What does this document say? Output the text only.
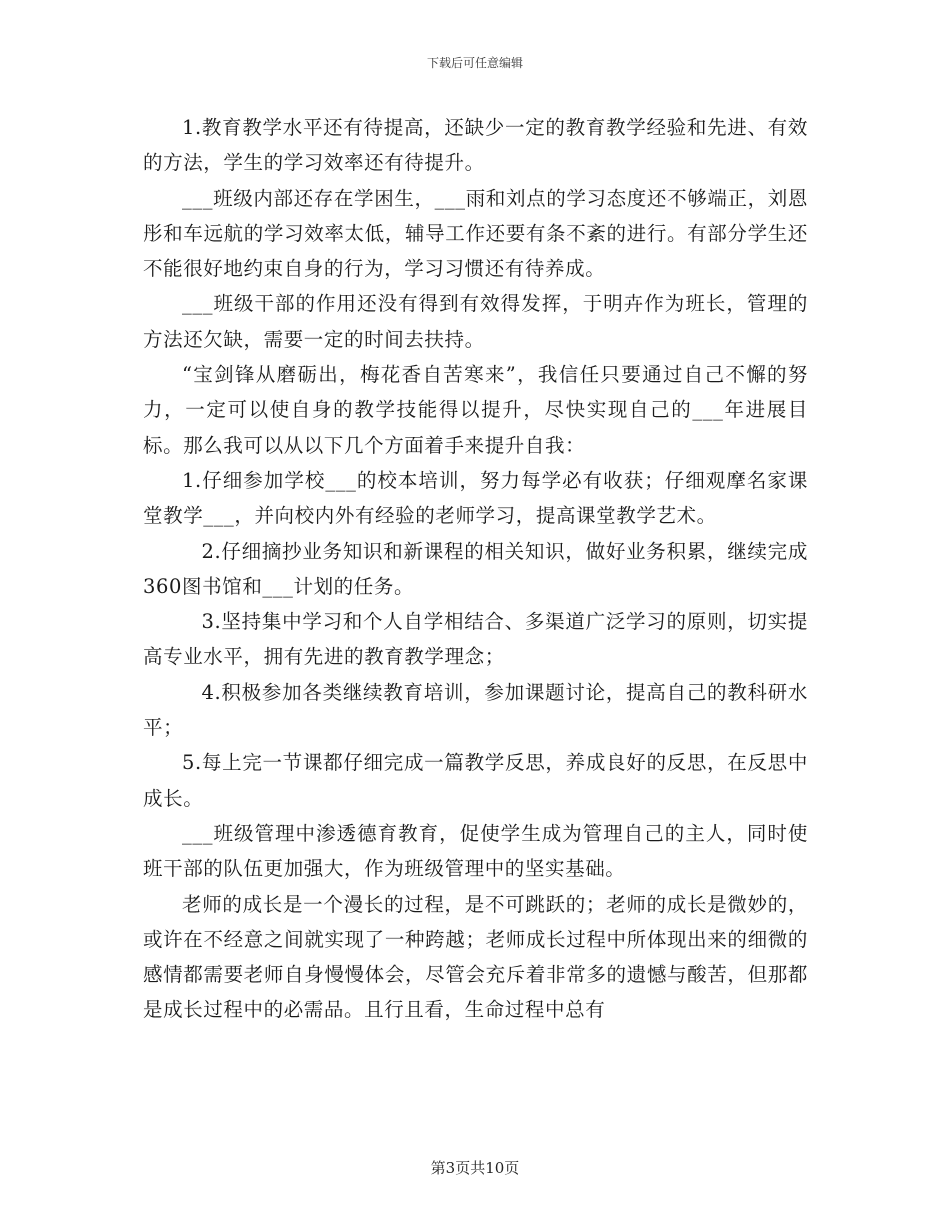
下载后可任意编辑

1.教育教学水平还有待提高，还缺少一定的教育教学经验和先进、有效的方法，学生的学习效率还有待提升。

___班级内部还存在学困生，___雨和刘点的学习态度还不够端正，刘恩彤和车远航的学习效率太低，辅导工作还要有条不紊的进行。有部分学生还不能很好地约束自身的行为，学习习惯还有待养成。

___班级干部的作用还没有得到有效得发挥，于明卉作为班长，管理的方法还欠缺，需要一定的时间去扶持。

“宝剑锋从磨砺出，梅花香自苦寒来”，我信任只要通过自己不懈的努力，一定可以使自身的教学技能得以提升，尽快实现自己的___年进展目标。那么我可以从以下几个方面着手来提升自我：

1.仔细参加学校___的校本培训，努力每学必有收获；仔细观摩名家课堂教学___，并向校内外有经验的老师学习，提高课堂教学艺术。

2.仔细摘抄业务知识和新课程的相关知识，做好业务积累，继续完成360图书馆和___计划的任务。

3.坚持集中学习和个人自学相结合、多渠道广泛学习的原则，切实提高专业水平，拥有先进的教育教学理念；

4.积极参加各类继续教育培训，参加课题讨论，提高自己的教科研水平；

5.每上完一节课都仔细完成一篇教学反思，养成良好的反思，在反思中成长。

___班级管理中渗透德育教育，促使学生成为管理自己的主人，同时使班干部的队伍更加强大，作为班级管理中的坚实基础。

老师的成长是一个漫长的过程，是不可跳跃的；老师的成长是微妙的，或许在不经意之间就实现了一种跨越；老师成长过程中所体现出来的细微的感情都需要老师自身慢慢体会，尽管会充斥着非常多的遗憾与酸苦，但那都是成长过程中的必需品。且行且看，生命过程中总有

第3页共10页
